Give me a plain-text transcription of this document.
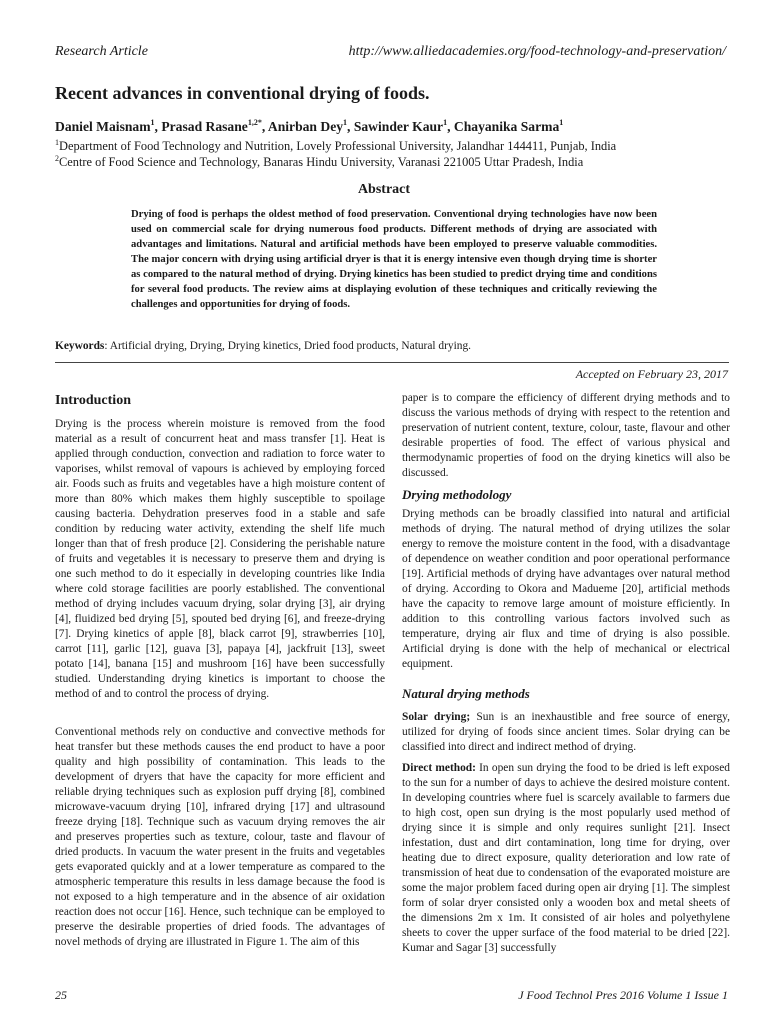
Research Article	http://www.alliedacademies.org/food-technology-and-preservation/
Recent advances in conventional drying of foods.
Daniel Maisnam$^1$, Prasad Rasane$^{1,2*}$, Anirban Dey$^1$, Sawinder Kaur$^1$, Chayanika Sarma$^1$
$^1$Department of Food Technology and Nutrition, Lovely Professional University, Jalandhar 144411, Punjab, India
$^2$Centre of Food Science and Technology, Banaras Hindu University, Varanasi 221005 Uttar Pradesh, India
Abstract
Drying of food is perhaps the oldest method of food preservation. Conventional drying technologies have now been used on commercial scale for drying numerous food products. Different methods of drying are associated with advantages and limitations. Natural and artificial methods have been employed to preserve valuable commodities. The major concern with drying using artificial dryer is that it is energy intensive even though drying time is shorter as compared to the natural method of drying. Drying kinetics has been studied to predict drying time and conditions for several food products. The review aims at displaying evolution of these techniques and critically reviewing the challenges and opportunities for drying of foods.
Keywords: Artificial drying, Drying, Drying kinetics, Dried food products, Natural drying.
Accepted on February 23, 2017
Introduction
Drying is the process wherein moisture is removed from the food material as a result of concurrent heat and mass transfer [1]. Heat is applied through conduction, convection and radiation to force water to vaporises, whilst removal of vapours is achieved by employing forced air. Foods such as fruits and vegetables have a high moisture content of more than 80% which makes them highly susceptible to spoilage causing bacteria. Dehydration preserves food in a stable and safe condition by reducing water activity, extending the shelf life much longer than that of fresh produce [2]. Considering the perishable nature of fruits and vegetables it is necessary to preserve them and drying is one such method to do it especially in developing countries like India where cold storage facilities are poorly established. The conventional method of drying includes vacuum drying, solar drying [3], air drying [4], fluidized bed drying [5], spouted bed drying [6], and freeze-drying [7]. Drying kinetics of apple [8], black carrot [9], strawberries [10], carrot [11], garlic [12], guava [3], papaya [4], jackfruit [13], sweet potato [14], banana [15] and mushroom [16] have been successfully studied. Understanding drying kinetics is important to choose the method of and to control the process of drying.
Conventional methods rely on conductive and convective methods for heat transfer but these methods causes the end product to have a poor quality and high possibility of contamination. This leads to the development of dryers that have the capacity for more efficient and reliable drying techniques such as explosion puff drying [8], combined microwave-vacuum drying [10], infrared drying [17] and ultrasound freeze drying [18]. Technique such as vacuum drying removes the air and preserves properties such as texture, colour, taste and flavour of dried products. In vacuum the water present in the fruits and vegetables gets evaporated quickly and at a lower temperature as compared to the atmospheric temperature this results in less damage because the food is not exposed to a high temperature and in the absence of air oxidation reaction does not occur [16]. Hence, such technique can be employed to preserve the desirable properties of dried foods. The advantages of novel methods of drying are illustrated in Figure 1. The aim of this
paper is to compare the efficiency of different drying methods and to discuss the various methods of drying with respect to the retention and preservation of nutrient content, texture, colour, taste, flavour and other desirable properties of food. The effect of various physical and thermodynamic properties of food on the drying kinetics will also be discussed.
Drying methodology
Drying methods can be broadly classified into natural and artificial methods of drying. The natural method of drying utilizes the solar energy to remove the moisture content in the food, with a disadvantage of dependence on weather condition and poor operational performance [19]. Artificial methods of drying have advantages over natural method of drying. According to Okora and Madueme [20], artificial methods have the capacity to remove large amount of moisture efficiently. In addition to this controlling various factors involved such as temperature, drying air flux and time of drying is also possible. Artificial drying is done with the help of mechanical or electrical equipment.
Natural drying methods
Solar drying; Sun is an inexhaustible and free source of energy, utilized for drying of foods since ancient times. Solar drying can be classified into direct and indirect method of drying.
Direct method: In open sun drying the food to be dried is left exposed to the sun for a number of days to achieve the desired moisture content. In developing countries where fuel is scarcely available to farmers due to high cost, open sun drying is the most popularly used method of drying since it is simple and only requires sunlight [21]. Insect infestation, dust and dirt contamination, long time for drying, over heating due to direct exposure, quality deterioration and low rate of transmission of heat due to condensation of the evaporated moisture are some the major problem faced during open air drying [1]. The simplest form of solar dryer consisted only a wooden box and metal sheets of the dimensions 2m x 1m. It consisted of air holes and polyethylene sheets to cover the upper surface of the food material to be dried [22]. Kumar and Sagar [3] successfully
25	J Food Technol Pres 2016 Volume 1 Issue 1
